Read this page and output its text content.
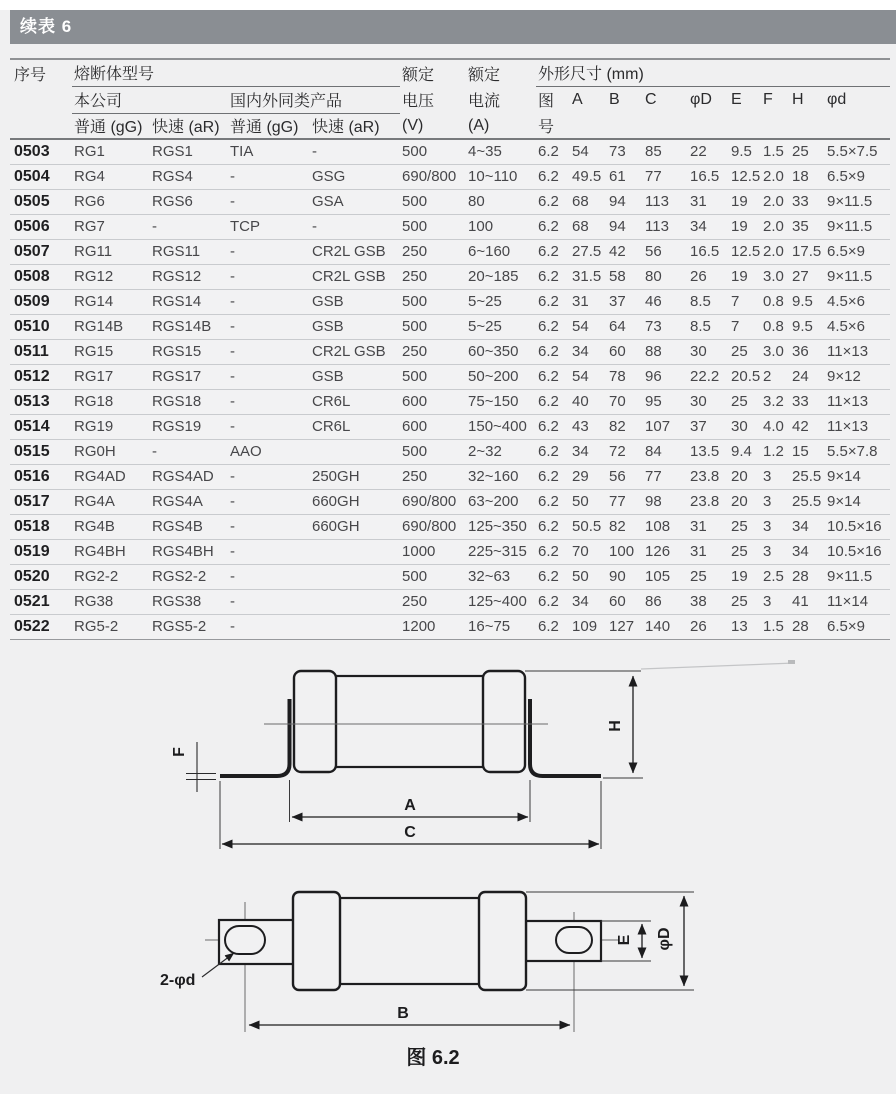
续表 6
序号	熔断体型号				额定	额定	外形尺寸 (mm)								
	本公司		国内外同类产品		电压	电流	图	A	B	C	φD	E	F	H	φd
	普通 (gG)	快速 (aR)	普通 (gG)	快速 (aR)	(V)	(A)	号								
0503	RG1	RGS1	TIA	-	500	4~35	6.2	54	73	85	22	9.5	1.5	25	5.5×7.5
0504	RG4	RGS4	-	GSG	690/800	10~110	6.2	49.5	61	77	16.5	12.5	2.0	18	6.5×9
0505	RG6	RGS6	-	GSA	500	80	6.2	68	94	113	31	19	2.0	33	9×11.5
0506	RG7	-	TCP	-	500	100	6.2	68	94	113	34	19	2.0	35	9×11.5
0507	RG11	RGS11	-	CR2L GSB	250	6~160	6.2	27.5	42	56	16.5	12.5	2.0	17.5	6.5×9
0508	RG12	RGS12	-	CR2L GSB	250	20~185	6.2	31.5	58	80	26	19	3.0	27	9×11.5
0509	RG14	RGS14	-	GSB	500	5~25	6.2	31	37	46	8.5	7	0.8	9.5	4.5×6
0510	RG14B	RGS14B	-	GSB	500	5~25	6.2	54	64	73	8.5	7	0.8	9.5	4.5×6
0511	RG15	RGS15	-	CR2L GSB	250	60~350	6.2	34	60	88	30	25	3.0	36	11×13
0512	RG17	RGS17	-	GSB	500	50~200	6.2	54	78	96	22.2	20.5	2	24	9×12
0513	RG18	RGS18	-	CR6L	600	75~150	6.2	40	70	95	30	25	3.2	33	11×13
0514	RG19	RGS19	-	CR6L	600	150~400	6.2	43	82	107	37	30	4.0	42	11×13
0515	RG0H	-	AAO		500	2~32	6.2	34	72	84	13.5	9.4	1.2	15	5.5×7.8
0516	RG4AD	RGS4AD	-	250GH	250	32~160	6.2	29	56	77	23.8	20	3	25.5	9×14
0517	RG4A	RGS4A	-	660GH	690/800	63~200	6.2	50	77	98	23.8	20	3	25.5	9×14
0518	RG4B	RGS4B	-	660GH	690/800	125~350	6.2	50.5	82	108	31	25	3	34	10.5×16
0519	RG4BH	RGS4BH	-		1000	225~315	6.2	70	100	126	31	25	3	34	10.5×16
0520	RG2-2	RGS2-2	-		500	32~63	6.2	50	90	105	25	19	2.5	28	9×11.5
0521	RG38	RGS38	-		250	125~400	6.2	34	60	86	38	25	3	41	11×14
0522	RG5-2	RGS5-2	-		1200	16~75	6.2	109	127	140	26	13	1.5	28	6.5×9
F
H
A
C
2-φd
E φD
B
图 6.2
